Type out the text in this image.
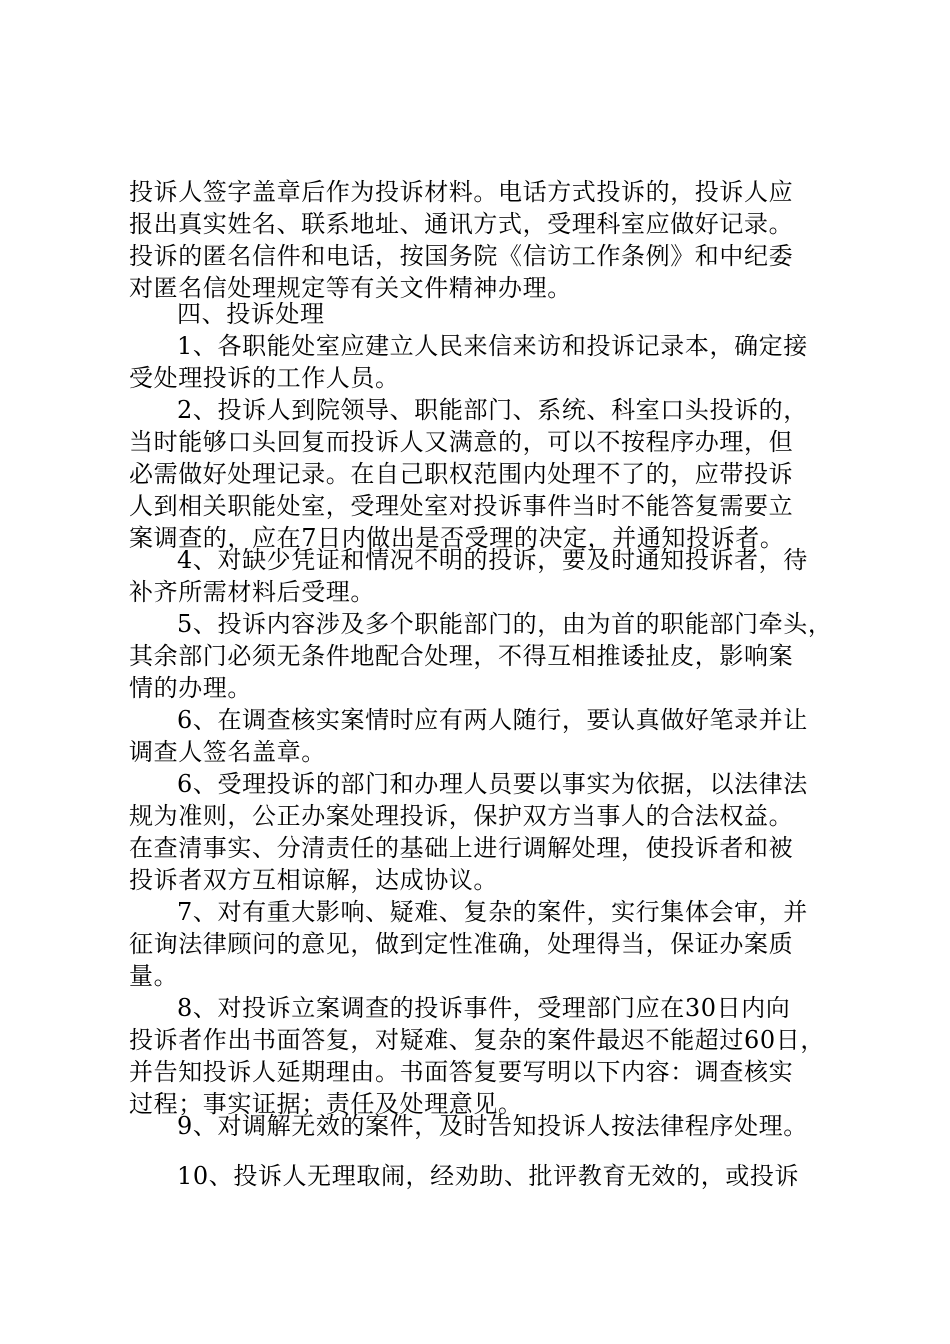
投诉人签字盖章后作为投诉材料。电话方式投诉的，投诉人应
报出真实姓名、联系地址、通讯方式，受理科室应做好记录。
投诉的匿名信件和电话，按国务院《信访工作条例》和中纪委
对匿名信处理规定等有关文件精神办理。
四、投诉处理
1、各职能处室应建立人民来信来访和投诉记录本，确定接
受处理投诉的工作人员。
2、投诉人到院领导、职能部门、系统、科室口头投诉的，
当时能够口头回复而投诉人又满意的，可以不按程序办理，但
必需做好处理记录。在自己职权范围内处理不了的，应带投诉
人到相关职能处室，受理处室对投诉事件当时不能答复需要立
案调查的，应在7日内做出是否受理的决定，并通知投诉者。
4、对缺少凭证和情况不明的投诉，要及时通知投诉者，待
补齐所需材料后受理。
5、投诉内容涉及多个职能部门的，由为首的职能部门牵头，
其余部门必须无条件地配合处理，不得互相推诿扯皮，影响案
情的办理。
6、在调查核实案情时应有两人随行，要认真做好笔录并让
调查人签名盖章。
6、受理投诉的部门和办理人员要以事实为依据，以法律法
规为准则，公正办案处理投诉，保护双方当事人的合法权益。
在查清事实、分清责任的基础上进行调解处理，使投诉者和被
投诉者双方互相谅解，达成协议。
7、对有重大影响、疑难、复杂的案件，实行集体会审，并
征询法律顾问的意见，做到定性准确，处理得当，保证办案质
量。
8、对投诉立案调查的投诉事件，受理部门应在30日内向
投诉者作出书面答复，对疑难、复杂的案件最迟不能超过60日，
并告知投诉人延期理由。书面答复要写明以下内容：调查核实
过程；事实证据；责任及处理意见。
9、对调解无效的案件，及时告知投诉人按法律程序处理。
10、投诉人无理取闹，经劝助、批评教育无效的，或投诉
